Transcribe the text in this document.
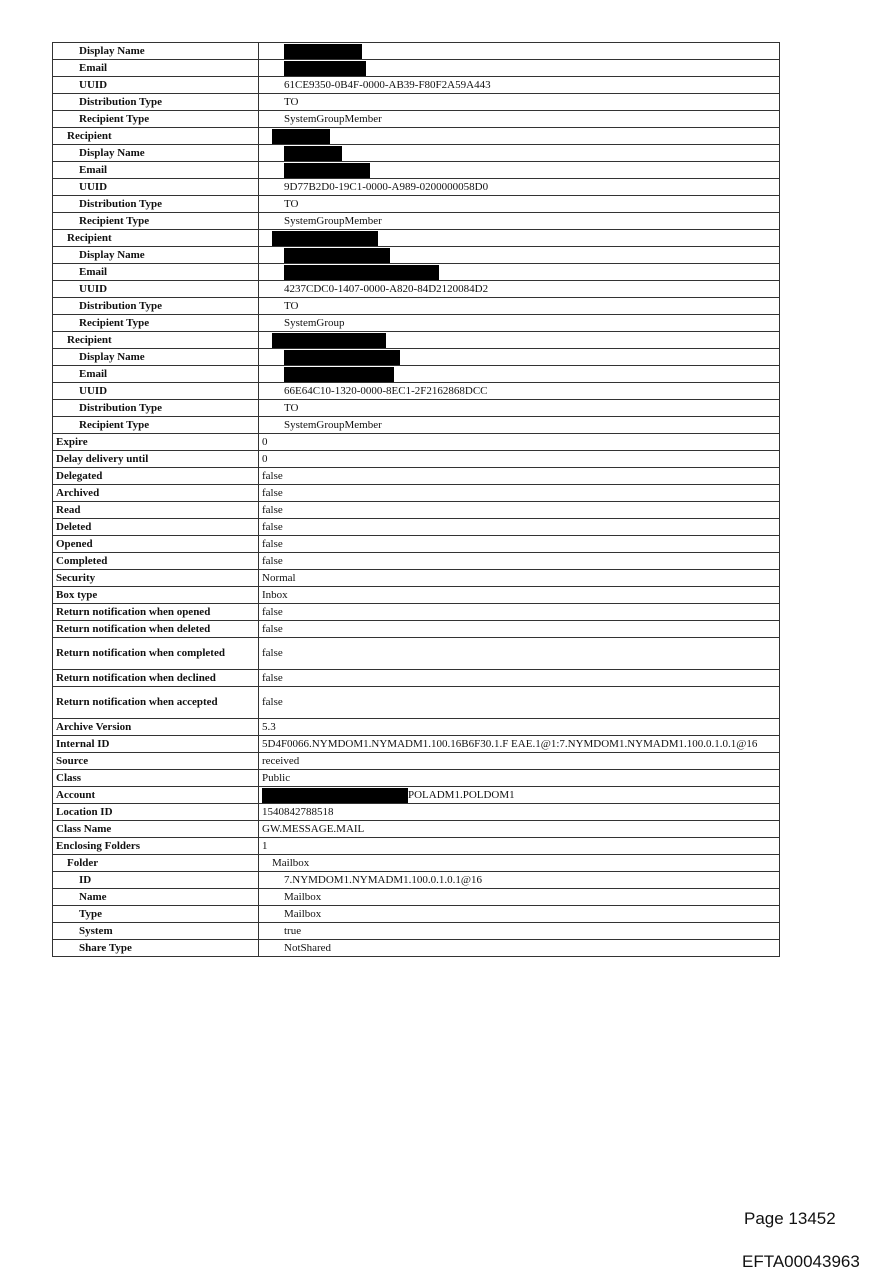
Display Name	
Email	
UUID	61CE9350-0B4F-0000-AB39-F80F2A59A443
Distribution Type	TO
Recipient Type	SystemGroupMember
Recipient	
Display Name	
Email	
UUID	9D77B2D0-19C1-0000-A989-0200000058D0
Distribution Type	TO
Recipient Type	SystemGroupMember
Recipient	
Display Name	
Email	
UUID	4237CDC0-1407-0000-A820-84D2120084D2
Distribution Type	TO
Recipient Type	SystemGroup
Recipient	
Display Name	
Email	
UUID	66E64C10-1320-0000-8EC1-2F2162868DCC
Distribution Type	TO
Recipient Type	SystemGroupMember
Expire	0
Delay delivery until	0
Delegated	false
Archived	false
Read	false
Deleted	false
Opened	false
Completed	false
Security	Normal
Box type	Inbox
Return notification when opened	false
Return notification when deleted	false
Return notification when completed	false
Return notification when declined	false
Return notification when accepted	false
Archive Version	5.3
Internal ID	5D4F0066.NYMDOM1.NYMADM1.100.16B6F30.1.F EAE.1@1:7.NYMDOM1.NYMADM1.100.0.1.0.1@16
Source	received
Class	Public
Account	POLADM1.POLDOM1
Location ID	1540842788518
Class Name	GW.MESSAGE.MAIL
Enclosing Folders	1
Folder	Mailbox
ID	7.NYMDOM1.NYMADM1.100.0.1.0.1@16
Name	Mailbox
Type	Mailbox
System	true
Share Type	NotShared
Page 13452
EFTA00043963
